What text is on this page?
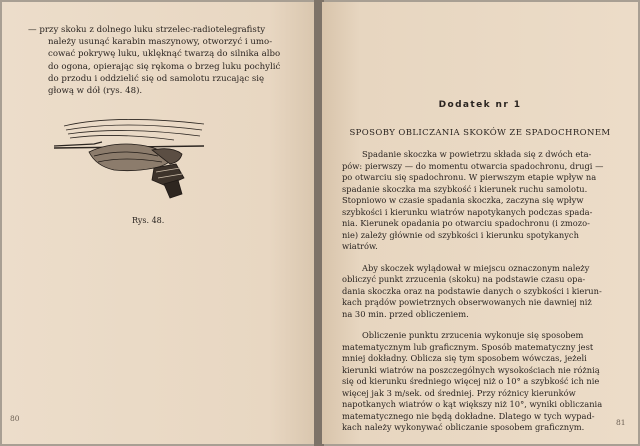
— przy skoku z dolnego luku strzelec-radiotelegrafisty
należy usunąć karabin maszynowy, otworzyć i umo-
cować pokrywę luku, uklęknąć twarzą do silnika albo
do ogona, opierając się rękoma o brzeg luku pochylić
do przodu i oddzielić się od samolotu rzucając się
głową w dół (rys. 48).
Rys. 48.
80
Dodatek nr 1
SPOSOBY OBLICZANIA SKOKÓW ZE SPADOCHRONEM
Spadanie skoczka w powietrzu składa się z dwóch eta-
pów: pierwszy — do momentu otwarcia spadochronu, drugi —
po otwarciu się spadochronu. W pierwszym etapie wpływ na
spadanie skoczka ma szybkość i kierunek ruchu samolotu.
Stopniowo w czasie spadania skoczka, zaczyna się wpływ
szybkości i kierunku wiatrów napotykanych podczas spada-
nia. Kierunek opadania po otwarciu spadochronu (i zmozo-
nie) zależy głównie od szybkości i kierunku spotykanych
wiatrów.
Aby skoczek wylądował w miejscu oznaczonym należy
obliczyć punkt zrzucenia (skoku) na podstawie czasu opa-
dania skoczka oraz na podstawie danych o szybkości i kierun-
kach prądów powietrznych obserwowanych nie dawniej niż
na 30 min. przed obliczeniem.
Obliczenie punktu zrzucenia wykonuje się sposobem
matematycznym lub graficznym. Sposób matematyczny jest
mniej dokładny. Oblicza się tym sposobem wówczas, jeżeli
kierunki wiatrów na poszczególnych wysokościach nie różnią
się od kierunku średniego więcej niż o 10° a szybkość ich nie
więcej jak 3 m/sek. od średniej. Przy różnicy kierunków
napotkanych wiatrów o kąt większy niż 10°, wyniki obliczania
matematycznego nie będą dokładne. Dlatego w tych wypad-
kach należy wykonywać obliczanie sposobem graficznym.	81
